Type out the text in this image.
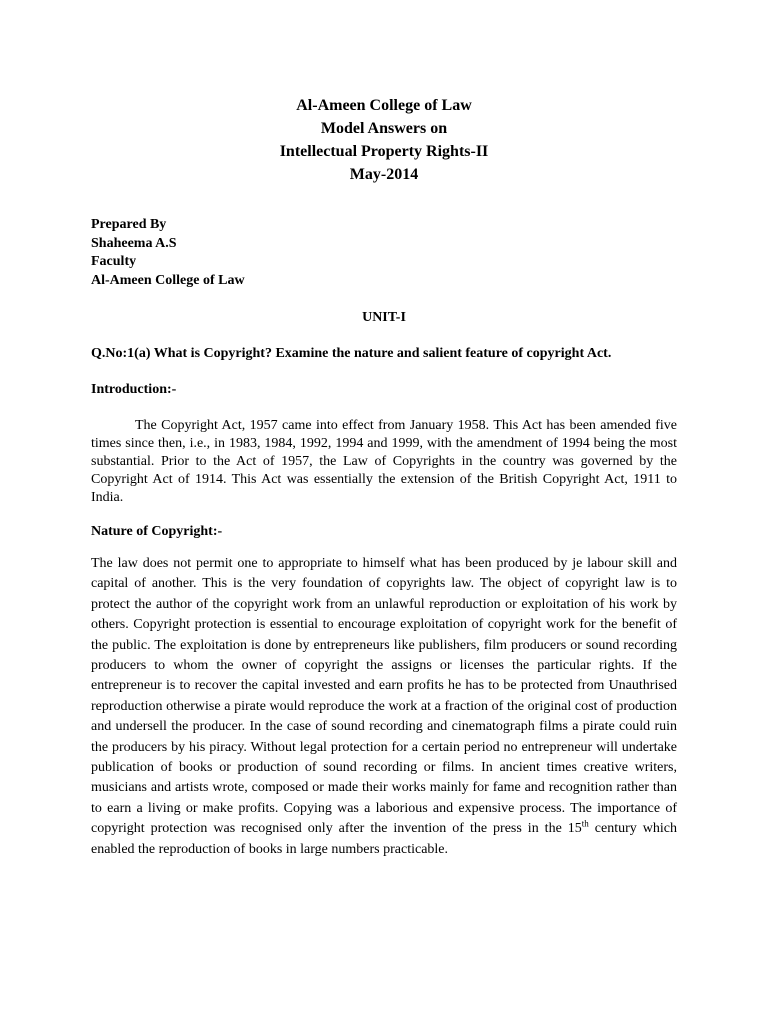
Al-Ameen College of Law
Model Answers on
Intellectual Property Rights-II
May-2014
Prepared By
Shaheema A.S
Faculty
Al-Ameen College of Law
UNIT-I
Q.No:1(a) What is Copyright? Examine the nature and salient feature of copyright Act.
Introduction:-

The Copyright Act, 1957 came into effect from January 1958. This Act has been amended five times since then, i.e., in 1983, 1984, 1992, 1994 and 1999, with the amendment of 1994 being the most substantial. Prior to the Act of 1957, the Law of Copyrights in the country was governed by the Copyright Act of 1914. This Act was essentially the extension of the British Copyright Act, 1911 to India.

Nature of Copyright:-

The law does not permit one to appropriate to himself what has been produced by je labour skill and capital of another. This is the very foundation of copyrights law. The object of copyright law is to protect the author of the copyright work from an unlawful reproduction or exploitation of his work by others. Copyright protection is essential to encourage exploitation of copyright work for the benefit of the public. The exploitation is done by entrepreneurs like publishers, film producers or sound recording producers to whom the owner of copyright the assigns or licenses the particular rights. If the entrepreneur is to recover the capital invested and earn profits he has to be protected from Unauthrised reproduction otherwise a pirate would reproduce the work at a fraction of the original cost of production and undersell the producer. In the case of sound recording and cinematograph films a pirate could ruin the producers by his piracy. Without legal protection for a certain period no entrepreneur will undertake publication of books or production of sound recording or films. In ancient times creative writers, musicians and artists wrote, composed or made their works mainly for fame and recognition rather than to earn a living or make profits. Copying was a laborious and expensive process. The importance of copyright protection was recognised only after the invention of the press in the 15th century which enabled the reproduction of books in large numbers practicable.
